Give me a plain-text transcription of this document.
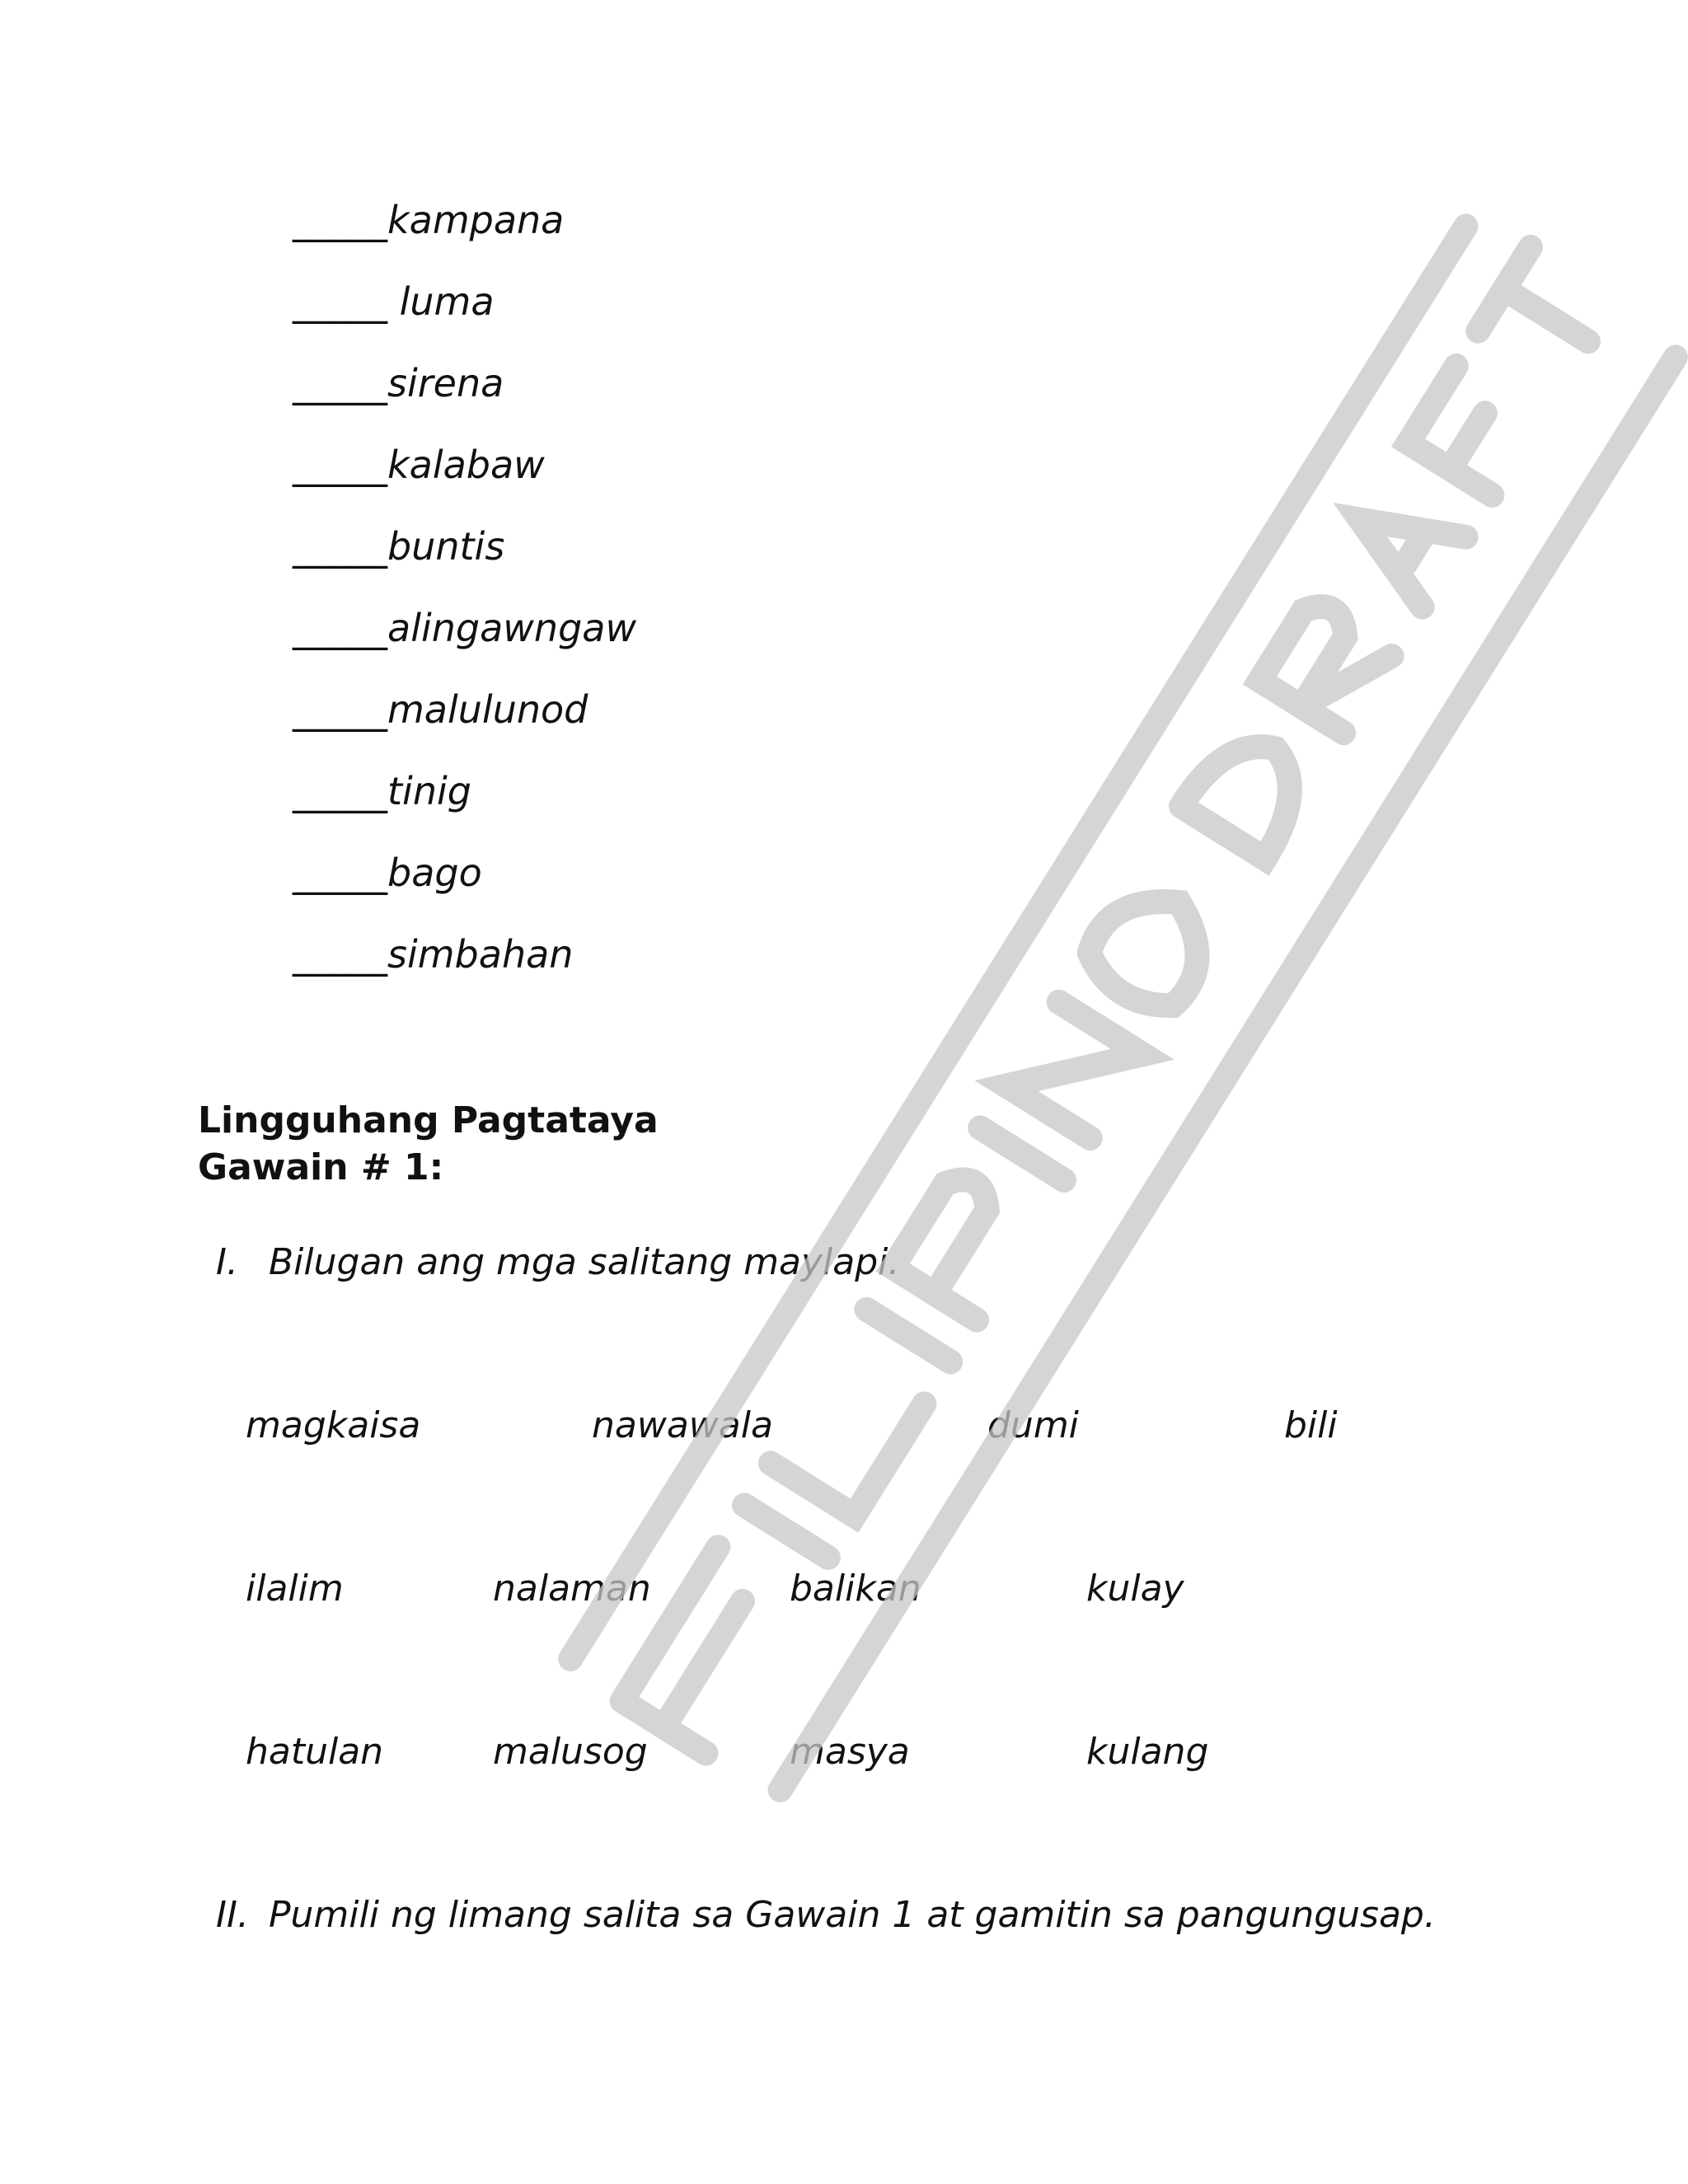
_____kampana
_____ luma
_____sirena
_____kalabaw
_____buntis
_____alingawngaw
_____malulunod
_____tinig
_____bago
_____simbahan
Lingguhang Pagtataya
Gawain # 1:
I. Bilugan ang mga salitang maylapi.
magkaisa	nawawala	dumi	bili
ilalim	nalaman	balikan	kulay
hatulan	malusog	masya	kulang
II. Pumili ng limang salita sa Gawain 1 at gamitin sa pangungusap.
